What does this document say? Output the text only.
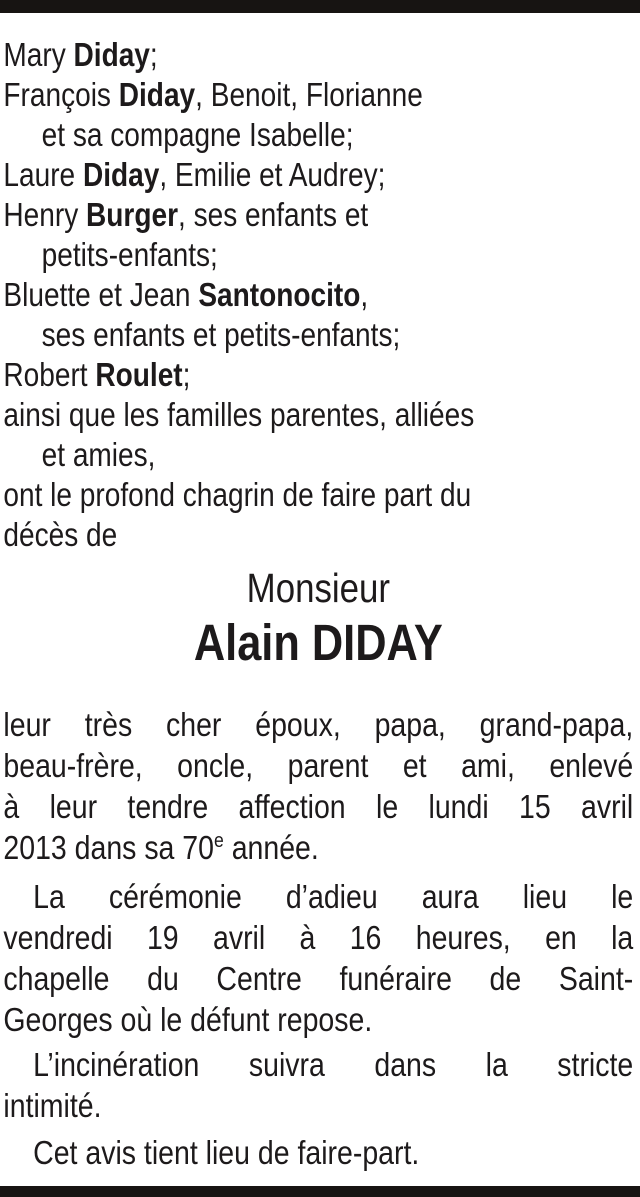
Mary Diday;
François Diday, Benoit, Florianne
et sa compagne Isabelle;
Laure Diday, Emilie et Audrey;
Henry Burger, ses enfants et
petits-enfants;
Bluette et Jean Santonocito,
ses enfants et petits-enfants;
Robert Roulet;
ainsi que les familles parentes, alliées
et amies,
ont le profond chagrin de faire part du
décès de
Monsieur
Alain DIDAY
leur très cher époux, papa, grand-papa,
beau-frère, oncle, parent et ami, enlevé
à leur tendre affection le lundi 15 avril
2013 dans sa 70e année.
La cérémonie d’adieu aura lieu le
vendredi 19 avril à 16 heures, en la
chapelle du Centre funéraire de Saint-
Georges où le défunt repose.
L’incinération suivra dans la stricte
intimité.
Cet avis tient lieu de faire-part.
